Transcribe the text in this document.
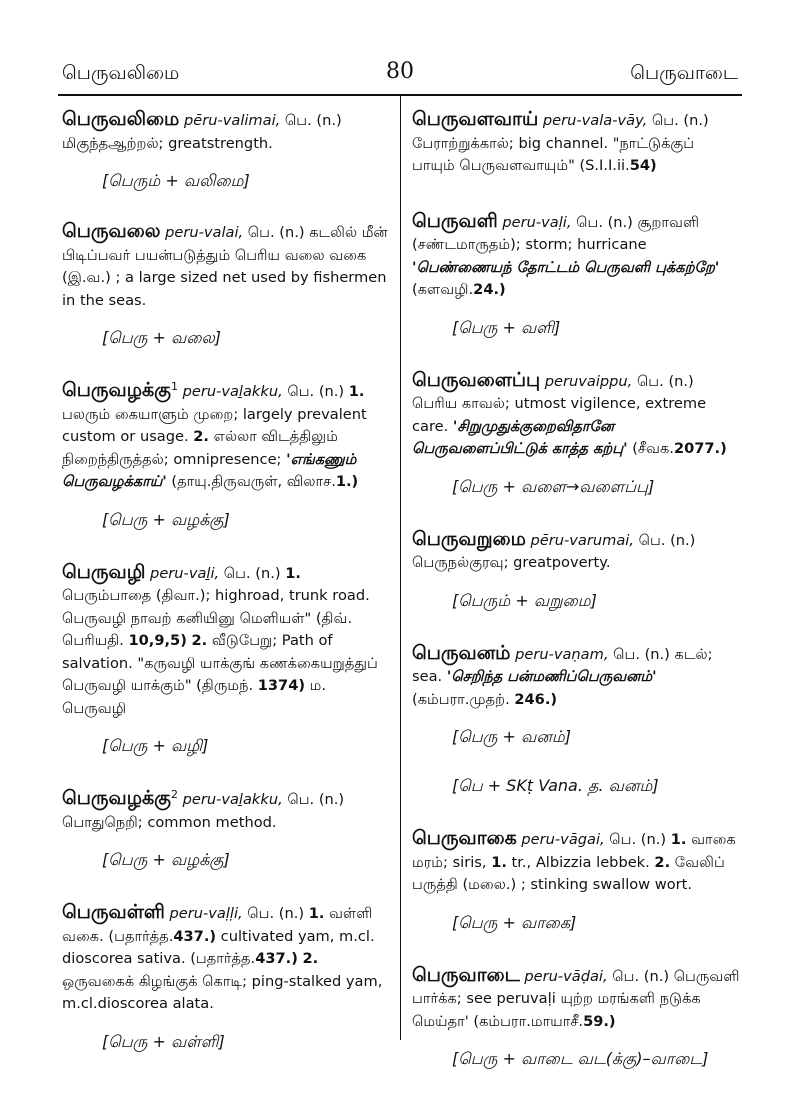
பெருவலிமை	80	பெருவாடை
பெருவலிமை pēru-valimai, பெ. (n.) மிகுந்தஆற்றல்; greatstrength.
[பெரும் + வலிமை]
பெருவலை peru-valai, பெ. (n.) கடலில் மீன் பிடிப்பவர் பயன்படுத்தும் பெரிய வலை வகை (இ.வ.) ; a large sized net used by fishermen in the seas.
[பெரு + வலை]
பெருவழக்கு$^1$ peru-vaḻakku, பெ. (n.) 1. பலரும் கையாளும் முறை; largely prevalent custom or usage. 2. எல்லா விடத்திலும் நிறைந்திருத்தல்; omnipresence; 'எங்கணும் பெருவழக்காய்' (தாயு.திருவருள், விலாச.1.)
[பெரு + வழக்கு]
பெருவழி peru-vaḻi, பெ. (n.) 1. பெரும்பாதை (திவா.); highroad, trunk road. பெருவழி நாவற் கனியினு மெளியள்" (திவ். பெரியதி. 10,9,5) 2. வீடுபேறு; Path of salvation. "கருவழி யாக்குங் கணக்கையறுத்துப் பெருவழி யாக்கும்" (திருமந். 1374) ம. பெருவழி
[பெரு + வழி]
பெருவழக்கு$^2$ peru-vaḻakku, பெ. (n.) பொதுநெறி; common method.
[பெரு + வழக்கு]
பெருவள்ளி peru-vaḷḷi, பெ. (n.) 1. வள்ளி வகை. (பதார்த்த.437.) cultivated yam, m.cl. dioscorea sativa. (பதார்த்த.437.) 2. ஒருவகைக் கிழங்குக் கொடி; ping-stalked yam, m.cl.dioscorea alata.
[பெரு + வள்ளி]
பெருவளவாய் peru-vala-vāy, பெ. (n.) பேராற்றுக்கால்; big channel. "நாட்டுக்குப் பாயும் பெருவளவாயும்" (S.I.I.ii.54)
பெருவளி peru-vaḷi, பெ. (n.) சூறாவளி (சண்டமாருதம்); storm; hurricane 'பெண்ணையந் தோட்டம் பெருவளி புக்கற்றே' (களவழி.24.)
[பெரு + வளி]
பெருவளைப்பு peruvaippu, பெ. (n.) பெரிய காவல்; utmost vigilence, extreme care. 'சிறுமுதுக்குறைவிதானே பெருவளைப்பிட்டுக் காத்த கற்பு' (சீவக.2077.)
[பெரு + வளை→வளைப்பு]
பெருவறுமை pēru-varumai, பெ. (n.) பெருநல்குரவு; greatpoverty.
[பெரும் + வறுமை]
பெருவனம் peru-vaṇam, பெ. (n.) கடல்; sea. 'செறிந்த பன்மணிப்பெருவனம்' (கம்பரா.முதற். 246.)
[பெரு + வனம்]
[பெ + SKṭ Vana. த. வனம்]
பெருவாகை peru-vāgai, பெ. (n.) 1. வாகை மரம்; siris, 1. tr., Albizzia lebbek. 2. வேலிப் பருத்தி (மலை.) ; stinking swallow wort.
[பெரு + வாகை]
பெருவாடை peru-vāḍai, பெ. (n.) பெருவளி பார்க்க; see peruvaḷi யுற்ற மரங்களி நடுக்க மெய்தா' (கம்பரா.மாயாசீ.59.)
[பெரு + வாடை வட(க்கு)–வாடை]
